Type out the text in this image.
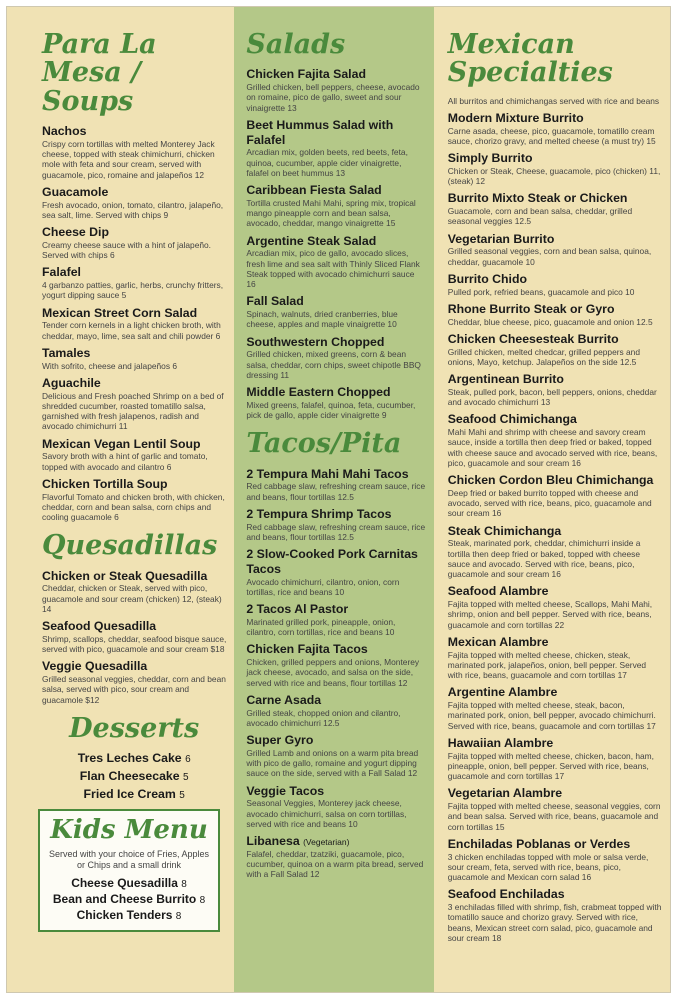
Para La Mesa / Soups
Nachos
Crispy corn tortillas with melted Monterey Jack cheese, topped with steak chimichurri, chicken mole with feta and sour cream, served with guacamole, pico, romaine and jalapeños 12
Guacamole
Fresh avocado, onion, tomato, cilantro, jalapeño, sea salt, lime. Served with chips 9
Cheese Dip
Creamy cheese sauce with a hint of jalapeño. Served with chips 6
Falafel
4 garbanzo patties, garlic, herbs, crunchy fritters, yogurt dipping sauce 5
Mexican Street Corn Salad
Tender corn kernels in a light chicken broth, with cheddar, mayo, lime, sea salt and chili powder 6
Tamales
With sofrito, cheese and jalapeños 6
Aguachile
Delicious and Fresh poached Shrimp on a bed of shredded cucumber, roasted tomatillo salsa, garnished with fresh jalapenos, radish and avocado chimichurri 11
Mexican Vegan Lentil Soup
Savory broth with a hint of garlic and tomato, topped with avocado and cilantro 6
Chicken Tortilla Soup
Flavorful Tomato and chicken broth, with chicken, cheddar, corn and bean salsa, corn chips and cooling guacamole 6
Quesadillas
Chicken or Steak Quesadilla
Cheddar, chicken or Steak, served with pico, guacamole and sour cream (chicken) 12, (steak) 14
Seafood Quesadilla
Shrimp, scallops, cheddar, seafood bisque sauce, served with pico, guacamole and sour cream $18
Veggie Quesadilla
Grilled seasonal veggies, cheddar, corn and bean salsa, served with pico, sour cream and guacamole $12
Desserts
Tres Leches Cake 6
Flan Cheesecake 5
Fried Ice Cream 5
Kids Menu
Served with your choice of Fries, Apples or Chips and a small drink
Cheese Quesadilla 8
Bean and Cheese Burrito 8
Chicken Tenders 8
Salads
Chicken Fajita Salad
Grilled chicken, bell peppers, cheese, avocado on romaine, pico de gallo, sweet and sour vinaigrette 13
Beet Hummus Salad with Falafel
Arcadian mix, golden beets, red beets, feta, quinoa, cucumber, apple cider vinaigrette, falafel on beet hummus 13
Caribbean Fiesta Salad
Tortilla crusted Mahi Mahi, spring mix, tropical mango pineapple corn and bean salsa, avocado, cheddar, mango vinaigrette 15
Argentine Steak Salad
Arcadian mix, pico de gallo, avocado slices, fresh lime and sea salt with Thinly Sliced Flank Steak topped with avocado chimichurri sauce 16
Fall Salad
Spinach, walnuts, dried cranberries, blue cheese, apples and maple vinaigrette 10
Southwestern Chopped
Grilled chicken, mixed greens, corn & bean salsa, cheddar, corn chips, sweet chipotle BBQ dressing 11
Middle Eastern Chopped
Mixed greens, falafel, quinoa, feta, cucumber, pick de gallo, apple cider vinaigrette 9
Tacos/Pita
2 Tempura Mahi Mahi Tacos
Red cabbage slaw, refreshing cream sauce, rice and beans, flour tortillas 12.5
2 Tempura Shrimp Tacos
Red cabbage slaw, refreshing cream sauce, rice and beans, flour tortillas 12.5
2 Slow-Cooked Pork Carnitas Tacos
Avocado chimichurri, cilantro, onion, corn tortillas, rice and beans 10
2 Tacos Al Pastor
Marinated grilled pork, pineapple, onion, cilantro, corn tortillas, rice and beans 10
Chicken Fajita Tacos
Chicken, grilled peppers and onions, Monterey jack cheese, avocado, and salsa on the side, served with rice and beans, flour tortillas 12
Carne Asada
Grilled steak, chopped onion and cilantro, avocado chimichurri 12.5
Super Gyro
Grilled Lamb and onions on a warm pita bread with pico de gallo, romaine and yogurt dipping sauce on the side, served with a Fall Salad 12
Veggie Tacos
Seasonal Veggies, Monterey jack cheese, avocado chimichurri, salsa on corn tortillas, served with rice and beans 10
Libanesa (Vegetarian)
Falafel, cheddar, tzatziki, guacamole, pico, cucumber, quinoa on a warm pita bread, served with a Fall Salad 12
Mexican Specialties
All burritos and chimichangas served with rice and beans
Modern Mixture Burrito
Carne asada, cheese, pico, guacamole, tomatillo cream sauce, chorizo gravy, and melted cheese (a must try) 15
Simply Burrito
Chicken or Steak, Cheese, guacamole, pico (chicken) 11, (steak) 12
Burrito Mixto Steak or Chicken
Guacamole, corn and bean salsa, cheddar, grilled seasonal veggies 12.5
Vegetarian Burrito
Grilled seasonal veggies, corn and bean salsa, quinoa, cheddar, guacamole 10
Burrito Chido
Pulled pork, refried beans, guacamole and pico 10
Rhone Burrito Steak or Gyro
Cheddar, blue cheese, pico, guacamole and onion 12.5
Chicken Cheesesteak Burrito
Grilled chicken, melted chedcar, grilled peppers and onions, Mayo, ketchup. Jalapeños on the side 12.5
Argentinean Burrito
Steak, pulled pork, bacon, bell peppers, onions, cheddar and avocado chimichurri 13
Seafood Chimichanga
Mahi Mahi and shrimp with cheese and savory cream sauce, inside a tortilla then deep fried or baked, topped with cheese sauce and avocado served with rice, beans, pico, guacamole and sour cream 16
Chicken Cordon Bleu Chimichanga
Deep fried or baked burrito topped with cheese and avocado, served with rice, beans, pico, guacamole and sour cream 16
Steak Chimichanga
Steak, marinated pork, cheddar, chimichurri inside a tortilla then deep fried or baked, topped with cheese sauce and avocado. Served with rice, beans, pico, guacamole and sour cream 16
Seafood Alambre
Fajita topped with melted cheese, Scallops, Mahi Mahi, shrimp, onion and bell pepper. Served with rice, beans, guacamole and corn tortillas 22
Mexican Alambre
Fajita topped with melted cheese, chicken, steak, marinated pork, jalapeños, onion, bell pepper. Served with rice, beans, guacamole and corn tortillas 17
Argentine Alambre
Fajita topped with melted cheese, steak, bacon, marinated pork, onion, bell pepper, avocado chimichurri. Served with rice, beans, guacamole and corn tortillas 17
Hawaiian Alambre
Fajita topped with melted cheese, chicken, bacon, ham, pineapple, onion, bell pepper. Served with rice, beans, guacamole and corn tortillas 17
Vegetarian Alambre
Fajita topped with melted cheese, seasonal veggies, corn and bean salsa. Served with rice, beans, guacamole and corn tortillas 15
Enchiladas Poblanas or Verdes
3 chicken enchiladas topped with mole or salsa verde, sour cream, feta, served with rice, beans, pico, guacamole and Mexican corn salad 16
Seafood Enchiladas
3 enchiladas filled with shrimp, fish, crabmeat topped with tomatillo sauce and chorizo gravy. Served with rice, beans, Mexican street corn salad, pico, guacamole and sour cream 18
